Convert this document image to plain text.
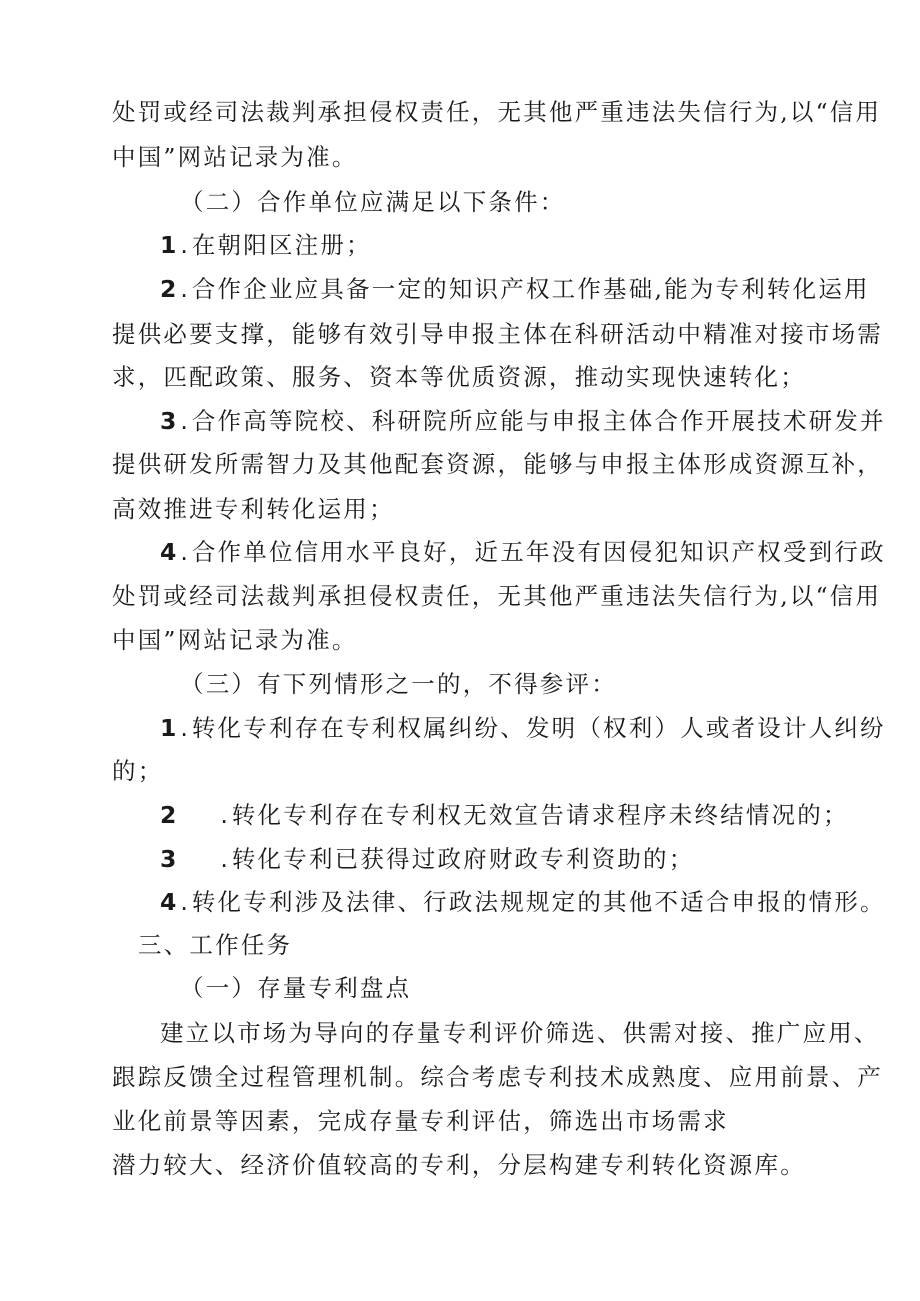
处罚或经司法裁判承担侵权责任，无其他严重违法失信行为,以“信用
中国”网站记录为准。
（二）合作单位应满足以下条件：
1 . 在朝阳区注册；
2 . 合作企业应具备一定的知识产权工作基础,能为专利转化运用
提供必要支撑，能够有效引导申报主体在科研活动中精准对接市场需
求，匹配政策、服务、资本等优质资源，推动实现快速转化；
3 . 合作高等院校、科研院所应能与申报主体合作开展技术研发并
提供研发所需智力及其他配套资源，能够与申报主体形成资源互补，
高效推进专利转化运用；
4 . 合作单位信用水平良好，近五年没有因侵犯知识产权受到行政
处罚或经司法裁判承担侵权责任，无其他严重违法失信行为,以“信用
中国”网站记录为准。
（三）有下列情形之一的，不得参评：
1 . 转化专利存在专利权属纠纷、发明（权利）人或者设计人纠纷
的；
2 . 转化专利存在专利权无效宣告请求程序未终结情况的；
3 . 转化专利已获得过政府财政专利资助的；
4 . 转化专利涉及法律、行政法规规定的其他不适合申报的情形。
三、工作任务
（一）存量专利盘点
建立以市场为导向的存量专利评价筛选、供需对接、推广应用、
跟踪反馈全过程管理机制。综合考虑专利技术成熟度、应用前景、产
业化前景等因素，完成存量专利评估，筛选出市场需求
潜力较大、经济价值较高的专利，分层构建专利转化资源库。
